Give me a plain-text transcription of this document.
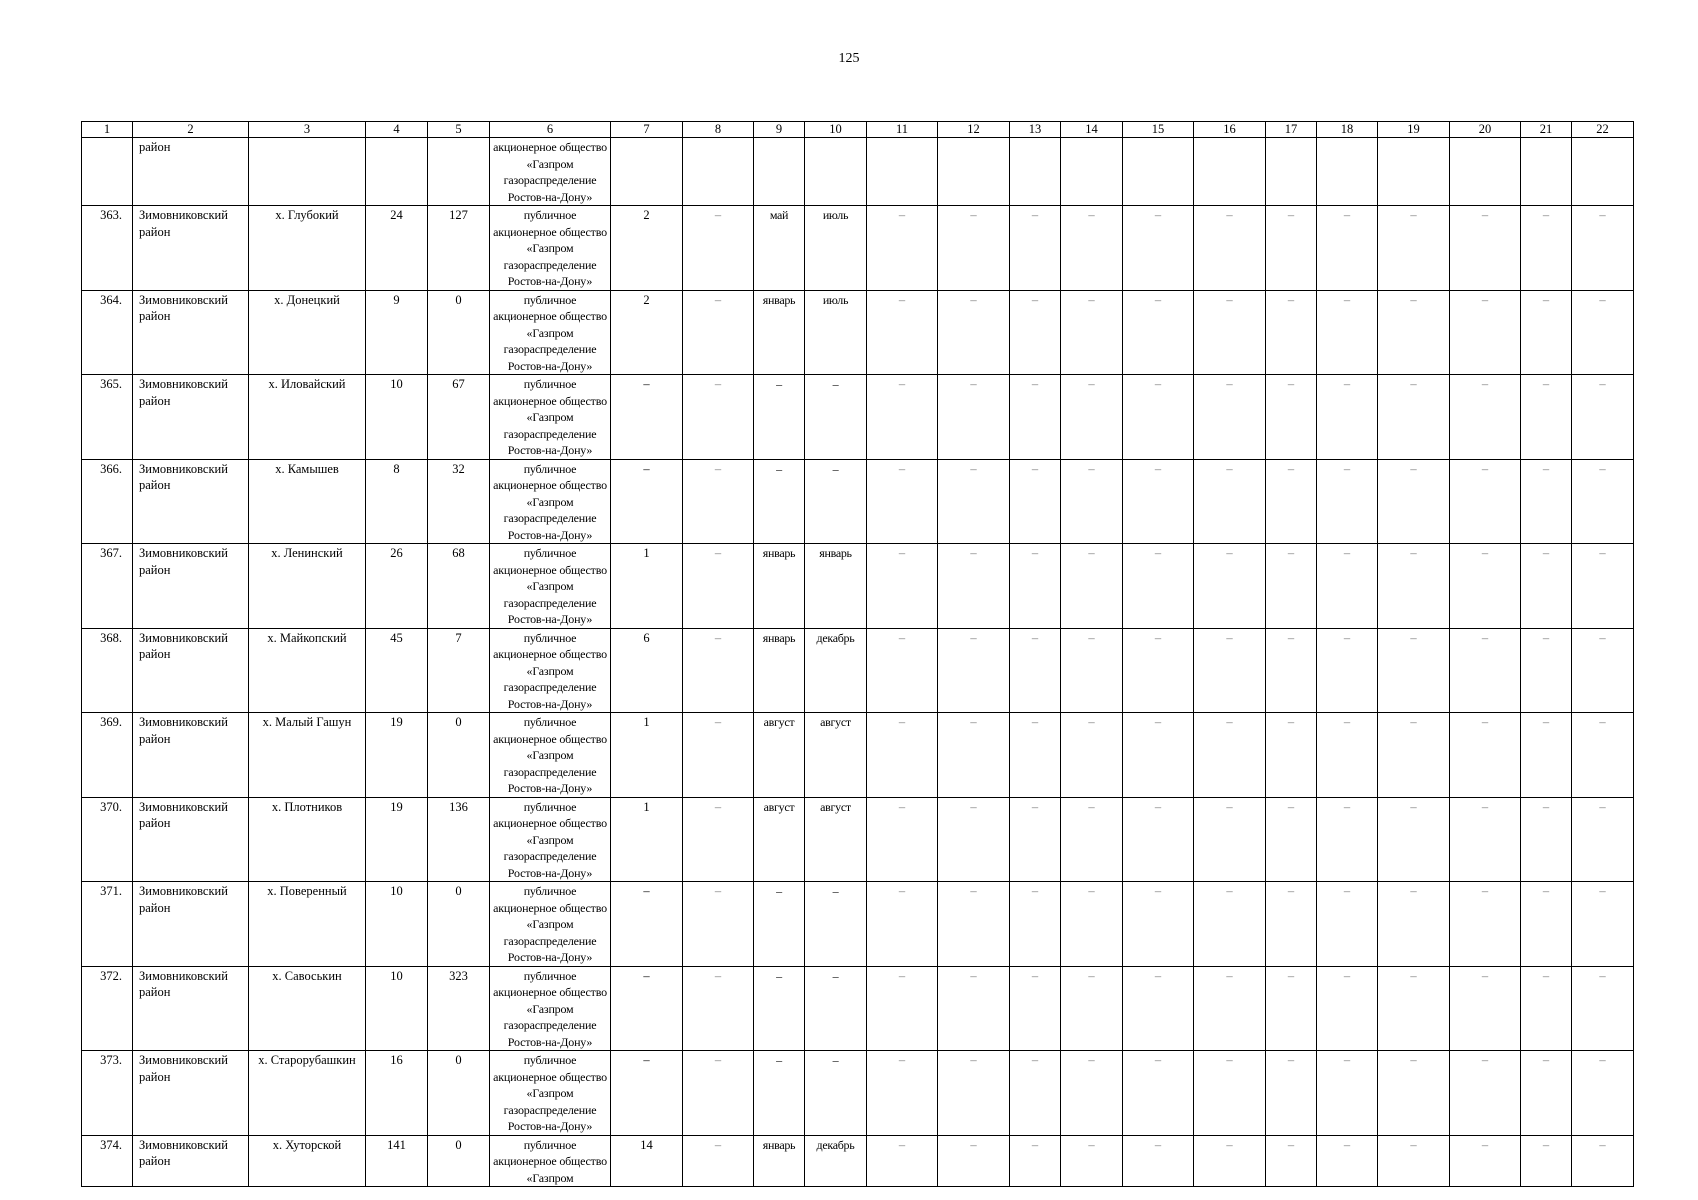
125
1	2	3	4	5	6	7	8	9	10	11	12	13	14	15	16	17	18	19	20	21	22
	район				акционерное общество «Газпром газораспределение Ростов-на-Дону»																
363.	Зимовниковский район	х. Глубокий	24	127	публичное акционерное общество «Газпром газораспределение Ростов-на-Дону»	2	–	май	июль	–	–	–	–	–	–	–	–	–	–	–	–
364.	Зимовниковский район	х. Донецкий	9	0	публичное акционерное общество «Газпром газораспределение Ростов-на-Дону»	2	–	январь	июль	–	–	–	–	–	–	–	–	–	–	–	–
365.	Зимовниковский район	х. Иловайский	10	67	публичное акционерное общество «Газпром газораспределение Ростов-на-Дону»	–	–	–	–	–	–	–	–	–	–	–	–	–	–	–	–
366.	Зимовниковский район	х. Камышев	8	32	публичное акционерное общество «Газпром газораспределение Ростов-на-Дону»	–	–	–	–	–	–	–	–	–	–	–	–	–	–	–	–
367.	Зимовниковский район	х. Ленинский	26	68	публичное акционерное общество «Газпром газораспределение Ростов-на-Дону»	1	–	январь	январь	–	–	–	–	–	–	–	–	–	–	–	–
368.	Зимовниковский район	х. Майкопский	45	7	публичное акционерное общество «Газпром газораспределение Ростов-на-Дону»	6	–	январь	декабрь	–	–	–	–	–	–	–	–	–	–	–	–
369.	Зимовниковский район	х. Малый Гашун	19	0	публичное акционерное общество «Газпром газораспределение Ростов-на-Дону»	1	–	август	август	–	–	–	–	–	–	–	–	–	–	–	–
370.	Зимовниковский район	х. Плотников	19	136	публичное акционерное общество «Газпром газораспределение Ростов-на-Дону»	1	–	август	август	–	–	–	–	–	–	–	–	–	–	–	–
371.	Зимовниковский район	х. Поверенный	10	0	публичное акционерное общество «Газпром газораспределение Ростов-на-Дону»	–	–	–	–	–	–	–	–	–	–	–	–	–	–	–	–
372.	Зимовниковский район	х. Савоськин	10	323	публичное акционерное общество «Газпром газораспределение Ростов-на-Дону»	–	–	–	–	–	–	–	–	–	–	–	–	–	–	–	–
373.	Зимовниковский район	х. Старорубашкин	16	0	публичное акционерное общество «Газпром газораспределение Ростов-на-Дону»	–	–	–	–	–	–	–	–	–	–	–	–	–	–	–	–
374.	Зимовниковский район	х. Хуторской	141	0	публичное акционерное общество «Газпром	14	–	январь	декабрь	–	–	–	–	–	–	–	–	–	–	–	–
